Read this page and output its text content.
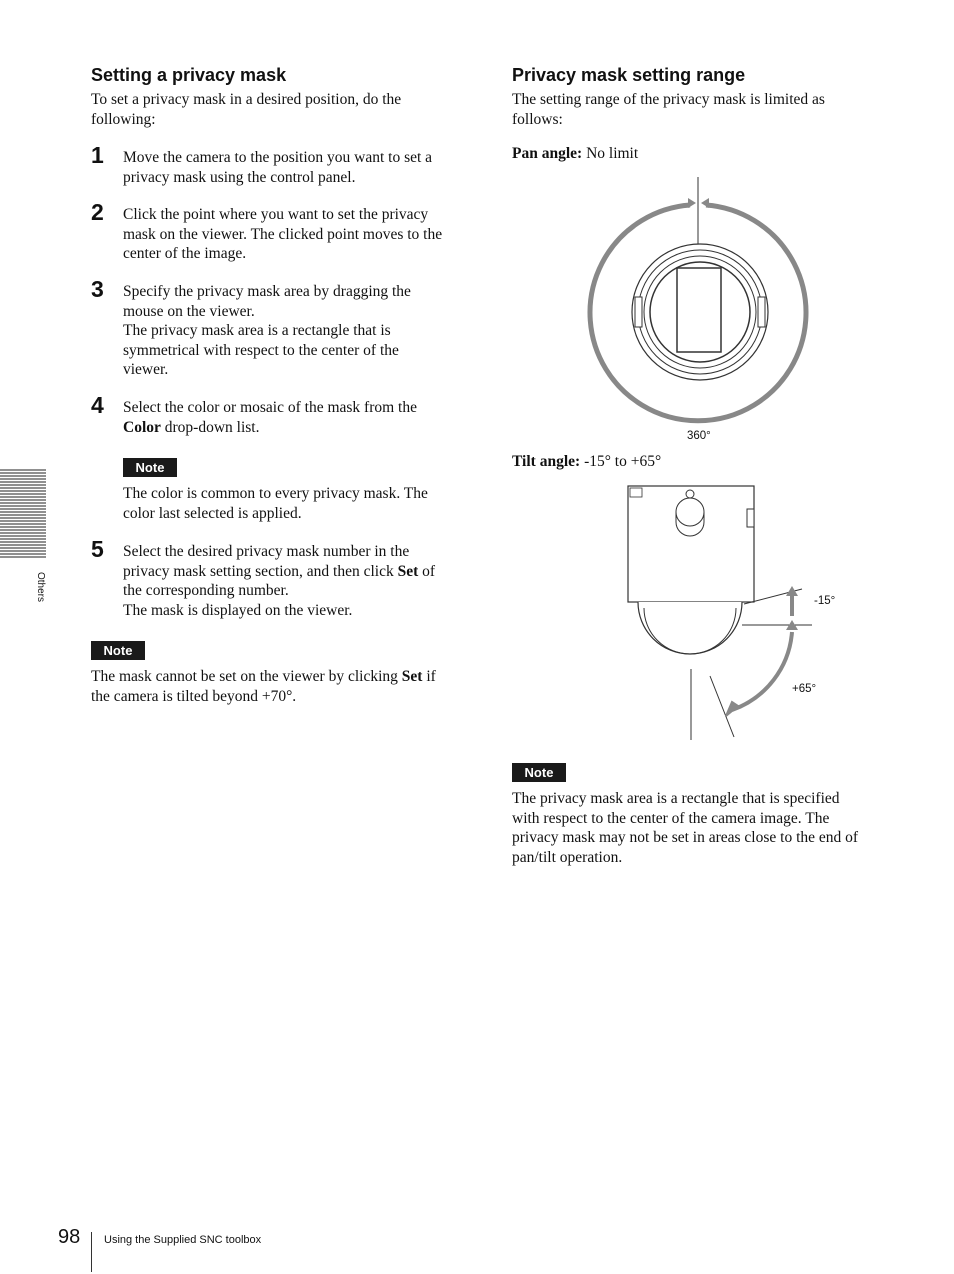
Others
Setting a privacy mask
To set a privacy mask in a desired position, do the following:
1 Move the camera to the position you want to set a
privacy mask using the control panel.
2 Click the point where you want to set the privacy
mask on the viewer. The clicked point moves to the
center of the image.
3 Specify the privacy mask area by dragging the
mouse on the viewer.
The privacy mask area is a rectangle that is
symmetrical with respect to the center of the
viewer.
4 Select the color or mosaic of the mask from the
Color drop-down list.
Note
The color is common to every privacy mask. The
color last selected is applied.
5 Select the desired privacy mask number in the
privacy mask setting section, and then click Set of
the corresponding number.
The mask is displayed on the viewer.
Note
The mask cannot be set on the viewer by clicking Set if
the camera is tilted beyond +70°.
Privacy mask setting range
The setting range of the privacy mask is limited as
follows:
Pan angle: No limit
360°
Tilt angle: -15° to +65°
-15°
+65°
Note
The privacy mask area is a rectangle that is specified
with respect to the center of the camera image. The
privacy mask may not be set in areas close to the end of
pan/tilt operation.
98 Using the Supplied SNC toolbox
